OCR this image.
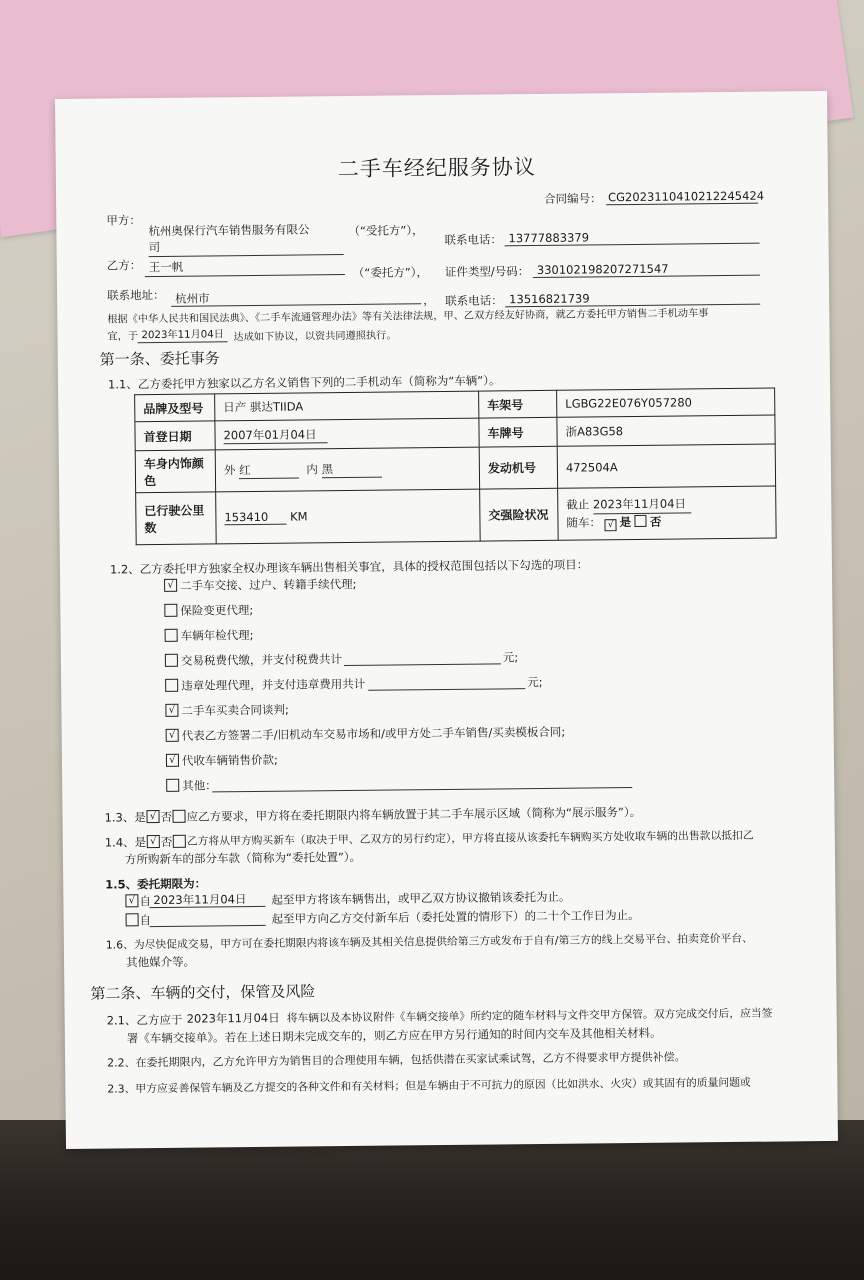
二手车经纪服务协议
合同编号： CG2023110410212245424
甲方：
杭州奥保行汽车销售服务有限公
司
（“受托方”），
联系电话： 13777883379
乙方： 王一帆	（“委托方”）， 证件类型/号码： 330102198207271547
联系地址： 杭州市	， 联系电话： 13516821739
根据《中华人民共和国民法典》、《二手车流通管理办法》等有关法律法规，甲、乙双方经友好协商，就乙方委托甲方销售二手机动车事
宜，于 2023年11月04日 达成如下协议，以资共同遵照执行。
第一条、委托事务
1.1、乙方委托甲方独家以乙方名义销售下列的二手机动车（简称为“车辆”）。
品牌及型号	日产 骐达TIIDA	车架号	LGBG22E076Y057280
首登日期	2007年01月04日	车牌号	浙A83G58
车身内饰颜色	外 红 内 黑	发动机号	472504A
已行驶公里数	153410 KM	交强险状况	截止 2023年11月04日
随车： √ 是 否
1.2、乙方委托甲方独家全权办理该车辆出售相关事宜，具体的授权范围包括以下勾选的项目：
√ 二手车交接、过户、转籍手续代理;
保险变更代理;
车辆年检代理;
交易税费代缴，并支付税费共计	元;
违章处理代理，并支付违章费用共计	元;
√ 二手车买卖合同谈判;
√ 代表乙方签署二手/旧机动车交易市场和/或甲方处二手车销售/买卖模板合同;
√ 代收车辆销售价款;
其他：
1.3、是 √ 否 应乙方要求，甲方将在委托期限内将车辆放置于其二手车展示区域（简称为“展示服务”）。
1.4、是 √ 否 乙方将从甲方购买新车（取决于甲、乙双方的另行约定），甲方将直接从该委托车辆购买方处收取车辆的出售款以抵扣乙
方所购新车的部分车款（简称为“委托处置”）。
1.5、委托期限为：
√ 自 2023年11月04日 起至甲方将该车辆售出，或甲乙双方协议撤销该委托为止。
自	起至甲方向乙方交付新车后（委托处置的情形下）的二十个工作日为止。
1.6、为尽快促成交易，甲方可在委托期限内将该车辆及其相关信息提供给第三方或发布于自有/第三方的线上交易平台、拍卖竞价平台、
其他媒介等。
第二条、车辆的交付，保管及风险
2.1、乙方应于 2023年11月04日 将车辆以及本协议附件《车辆交接单》所约定的随车材料与文件交甲方保管。双方完成交付后，应当签
署《车辆交接单》。若在上述日期未完成交车的，则乙方应在甲方另行通知的时间内交车及其他相关材料。
2.2、在委托期限内，乙方允许甲方为销售目的合理使用车辆，包括供潜在买家试乘试驾，乙方不得要求甲方提供补偿。
2.3、甲方应妥善保管车辆及乙方提交的各种文件和有关材料；但是车辆由于不可抗力的原因（比如洪水、火灾）或其固有的质量问题或
